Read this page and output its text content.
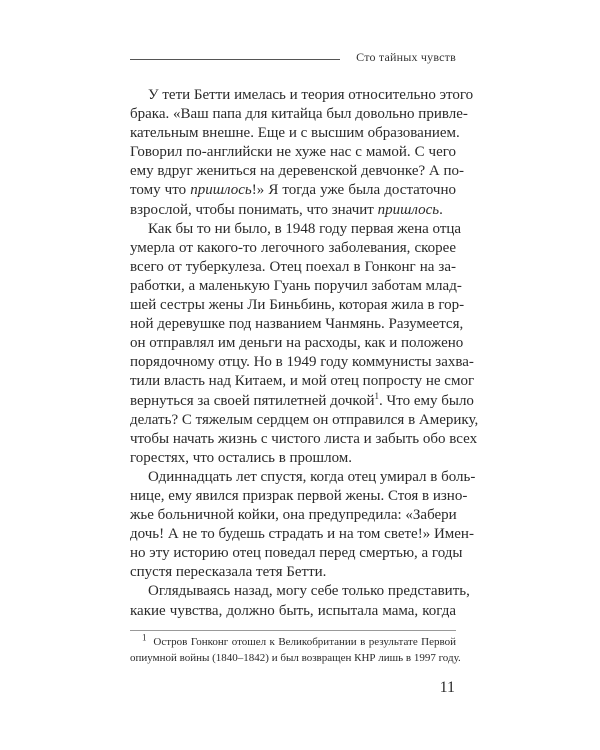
Сто тайных чувств
У тети Бетти имелась и теория относительно этого
брака. «Ваш папа для китайца был довольно привле-
кательным внешне. Еще и с высшим образованием.
Говорил по-английски не хуже нас с мамой. С чего
ему вдруг жениться на деревенской девчонке? А по-
тому что пришлось!» Я тогда уже была достаточно
взрослой, чтобы понимать, что значит пришлось.
Как бы то ни было, в 1948 году первая жена отца
умерла от какого-то легочного заболевания, скорее
всего от туберкулеза. Отец поехал в Гонконг на за-
работки, а маленькую Гуань поручил заботам млад-
шей сестры жены Ли Биньбинь, которая жила в гор-
ной деревушке под названием Чанмянь. Разумеется,
он отправлял им деньги на расходы, как и положено
порядочному отцу. Но в 1949 году коммунисты захва-
тили власть над Китаем, и мой отец попросту не смог
вернуться за своей пятилетней дочкой$^1$. Что ему было
делать? С тяжелым сердцем он отправился в Америку,
чтобы начать жизнь с чистого листа и забыть обо всех
горестях, что остались в прошлом.
Одиннадцать лет спустя, когда отец умирал в боль-
нице, ему явился призрак первой жены. Стоя в изно-
жье больничной койки, она предупредила: «Забери
дочь! А не то будешь страдать и на том свете!» Имен-
но эту историю отец поведал перед смертью, а годы
спустя пересказала тетя Бетти.
Оглядываясь назад, могу себе только представить,
какие чувства, должно быть, испытала мама, когда
$^1$ Остров Гонконг отошел к Великобритании в результате Первой
опиумной войны (1840–1842) и был возвращен КНР лишь в 1997 году.
11
